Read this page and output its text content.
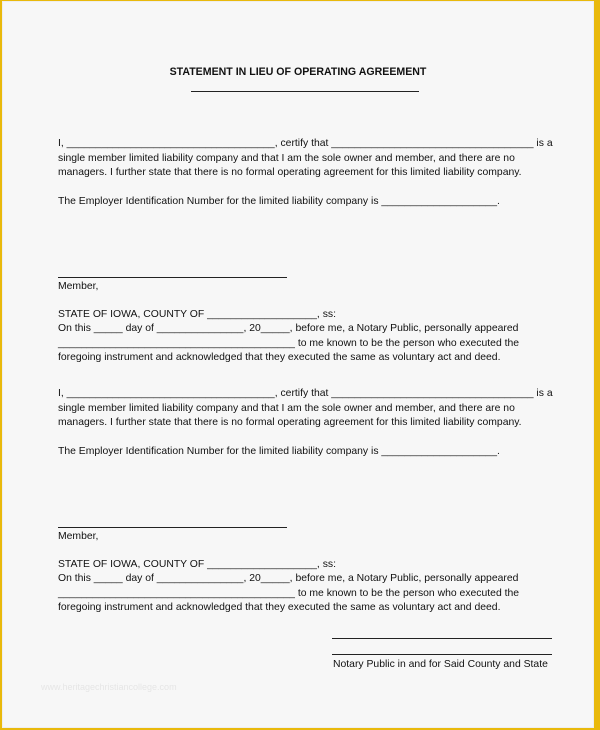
STATEMENT IN LIEU OF OPERATING AGREEMENT
I, ____________________________________, certify that ___________________________________ is a
single member limited liability company and that I am the sole owner and member, and there are no
managers. I further state that there is no formal operating agreement for this limited liability company.
The Employer Identification Number for the limited liability company is ____________________.
Member,
STATE OF IOWA, COUNTY OF ___________________, ss:
On this _____ day of _______________, 20_____, before me, a Notary Public, personally appeared
_________________________________________ to me known to be the person who executed the
foregoing instrument and acknowledged that they executed the same as voluntary act and deed.
I, ____________________________________, certify that ___________________________________ is a
single member limited liability company and that I am the sole owner and member, and there are no
managers. I further state that there is no formal operating agreement for this limited liability company.
The Employer Identification Number for the limited liability company is ____________________.
Member,
STATE OF IOWA, COUNTY OF ___________________, ss:
On this _____ day of _______________, 20_____, before me, a Notary Public, personally appeared
_________________________________________ to me known to be the person who executed the
foregoing instrument and acknowledged that they executed the same as voluntary act and deed.
Notary Public in and for Said County and State
www.heritagechristiancollege.com
